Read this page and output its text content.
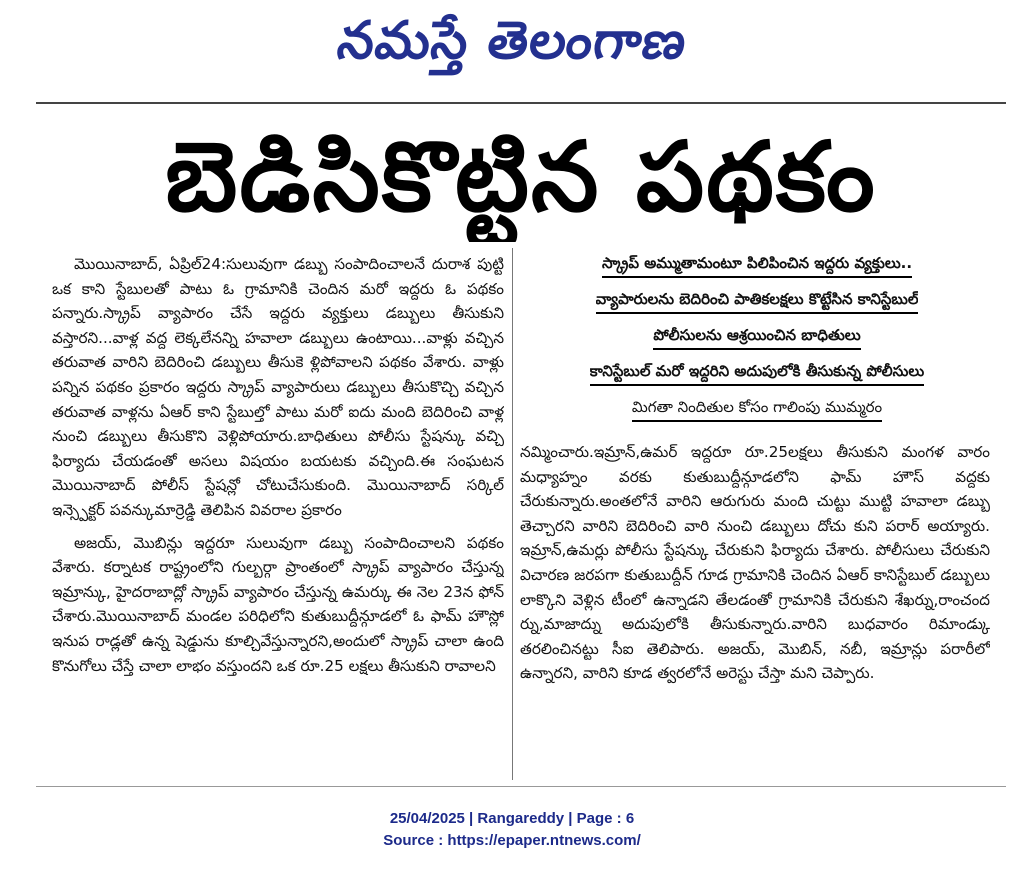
నమస్తే తెలంగాణ
బెడిసికొట్టిన పథకం

మొయినాబాద్, ఏప్రిల్24:సులువుగా డబ్బు సంపాదించాలనే దురాశ పుట్టి ఒక కాని స్టేబులతో పాటు ఓ గ్రామానికి చెందిన మరో ఇద్దరు ఓ పథకం పన్నారు.స్క్రాప్ వ్యాపారం చేసే ఇద్దరు వ్యక్తులు డబ్బులు తీసుకుని వస్తారని...వాళ్ల వద్ద లెక్కలేనన్ని హవాలా డబ్బులు ఉంటాయి...వాళ్లు వచ్చిన తరువాత వారిని బెదిరించి డబ్బులు తీసుకె ళ్లిపోవాలని పథకం వేశారు. వాళ్లు పన్నిన పథకం ప్రకారం ఇద్దరు స్క్రాప్ వ్యాపారులు డబ్బులు తీసుకొచ్చి వచ్చిన తరువాత వాళ్లను ఏఆర్ కాని స్టేబుల్తో పాటు మరో ఐదు మంది బెదిరించి వాళ్ల నుంచి డబ్బులు తీసుకొని వెళ్లిపోయారు.బాధితులు పోలీసు స్టేషన్కు వచ్చి ఫిర్యాదు చేయడంతో అసలు విషయం బయటకు వచ్చింది.ఈ సంఘటన మొయినాబాద్ పోలీస్ స్టేషన్లో చోటుచేసుకుంది. మొయినాబాద్ సర్కిల్ ఇన్స్పెక్టర్ పవన్కుమార్రెడ్డి తెలిపిన వివరాల ప్రకారం

అజయ్, మొబిన్లు ఇద్దరూ సులువుగా డబ్బు సంపాదించాలని పథకం వేశారు. కర్నాటక రాష్ట్రంలోని గుల్బర్గా ప్రాంతంలో స్క్రాప్ వ్యాపారం చేస్తున్న ఇమ్రాన్కు, హైదరాబాద్లో స్క్రాప్ వ్యాపారం చేస్తున్న ఉమర్కు ఈ నెల 23న ఫోన్ చేశారు.మొయినాబాద్ మండల పరిధిలోని కుతుబుద్దీన్గూడలో ఓ ఫామ్ హౌస్లో ఇనుప రాడ్లతో ఉన్న షెడ్డును కూల్చివేస్తున్నారని,అందులో స్క్రాప్ చాలా ఉంది కొనుగోలు చేస్తే చాలా లాభం వస్తుందని ఒక రూ.25 లక్షలు తీసుకుని రావాలని

స్క్రాప్ అమ్ముతామంటూ పిలిపించిన ఇద్దరు వ్యక్తులు..
వ్యాపారులను బెదిరించి పాతికలక్షలు కొట్టేసిన కానిస్టేబుల్
పోలీసులను ఆశ్రయించిన బాధితులు
కానిస్టేబుల్ మరో ఇద్దరిని అదుపులోకి తీసుకున్న పోలీసులు
మిగతా నిందితుల కోసం గాలింపు ముమ్మరం

నమ్మించారు.ఇమ్రాన్,ఉమర్ ఇద్దరూ రూ.25లక్షలు తీసుకుని మంగళ వారం మధ్యాహ్నం వరకు కుతుబుద్దీన్గూడలోని ఫామ్ హౌస్ వద్దకు చేరుకున్నారు.అంతలోనే వారిని ఆరుగురు మంది చుట్టు ముట్టి హవాలా డబ్బు తెచ్చారని వారిని బెదిరించి వారి నుంచి డబ్బులు దోచు కుని పరార్ అయ్యారు. ఇమ్రాన్,ఉమర్లు పోలీసు స్టేషన్కు చేరుకుని ఫిర్యాదు చేశారు. పోలీసులు చేరుకుని విచారణ జరపగా కుతుబుద్దీన్ గూడ గ్రామానికి చెందిన ఏఆర్ కానిస్టేబుల్ డబ్బులు లాక్కొని వెళ్లిన టీంలో ఉన్నాడని తేలడంతో గ్రామానికి చేరుకుని శేఖర్ను,రాంచంద ర్ను,మాజాద్ను అదుపులోకి తీసుకున్నారు.వారిని బుధవారం రిమాండ్కు తరలించినట్టు సీఐ తెలిపారు. అజయ్, మొబిన్, నబీ, ఇమ్రాన్లు పరారీలో ఉన్నారని, వారిని కూడ త్వరలోనే అరెస్టు చేస్తా మని చెప్పారు.

25/04/2025 | Rangareddy | Page : 6
Source : https://epaper.ntnews.com/
